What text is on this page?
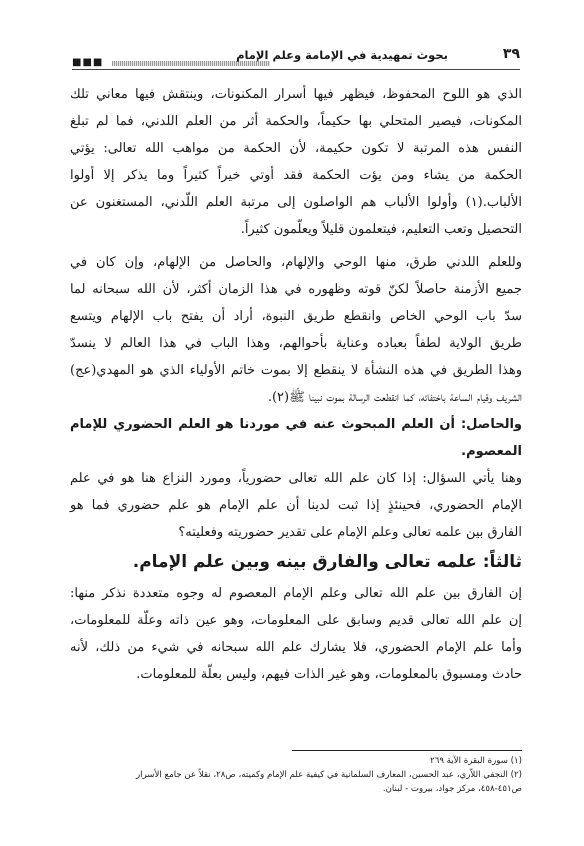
■■■
بحوث تمهيدية في الإمامة وعلم الإمام	٣٩
الذي هو اللوح المحفوظ، فيظهر فيها أسرار المكنونات، وينتقش فيها معاني تلك
المكونات، فيصير المتحلي بها حكيماً، والحكمة أثر من العلم اللدني، فما لم تبلغ
النفس هذه المرتبة لا تكون حكيمة، لأن الحكمة من مواهب الله تعالى: يؤتي
الحكمة من يشاء ومن يؤت الحكمة فقد أوتي خيراً كثيراً وما يذكر إلا أولوا
الألباب.(١) وأولوا الألباب هم الواصلون إلى مرتبة العلم اللّدني، المستغنون عن
التحصيل وتعب التعليم، فيتعلمون قليلاً ويعلّمون كثيراً.
وللعلم اللدني طرق، منها الوحي والإلهام، والحاصل من الإلهام، وإن كان في
جميع الأزمنة حاصلاً لكنّ قوته وظهوره في هذا الزمان أكثر، لأن الله سبحانه لما
سدّ باب الوحي الخاص وانقطع طريق النبوة، أراد أن يفتح باب الإلهام ويتسع
طريق الولاية لطفاً بعباده وعناية بأحوالهم، وهذا الباب في هذا العالم لا ينسدّ
وهذا الطريق في هذه النشأة لا ينقطع إلا بموت خاتم الأولياء الذي هو المهدي(عج)
الشريف وقيام الساعة باختفائه، كما انقطعت الرسالة بموت نبينا ﷺ(٢).
والحاصل: أن العلم المبحوث عنه في موردنا هو العلم الحضوري للإمام
المعصوم.
وهنا يأتي السؤال: إذا كان علم الله تعالى حضورياً، ومورد النزاع هنا هو في علم
الإمام الحضوري، فحينئذٍ إذا ثبت لدينا أن علم الإمام هو علم حضوري فما هو
الفارق بين علمه تعالى وعلم الإمام على تقدير حضوريته وفعليته؟
ثالثاً: علمه تعالى والفارق بينه وبين علم الإمام.
إن الفارق بين علم الله تعالى وعلم الإمام المعصوم له وجوه متعددة نذكر منها:
إن علم الله تعالى قديم وسابق على المعلومات، وهو عين ذاته وعلّة للمعلومات،
وأما علم الإمام الحضوري، فلا يشارك علم الله سبحانه في شيء من ذلك، لأنه
حادث ومسبوق بالمعلومات، وهو غير الذات فيهم، وليس بعلّة للمعلومات.
(١) سورة البقرة الآية ٢٦٩
(٢) النجفي اللاّري، عبد الحسين، المعارف السلمانية في كيفية علم الإمام وكميته، ص٢٨، نقلاً عن جامع الأسرار
ص٤٥١-٤٥٨، مركز جواد، بيروت - لبنان.
